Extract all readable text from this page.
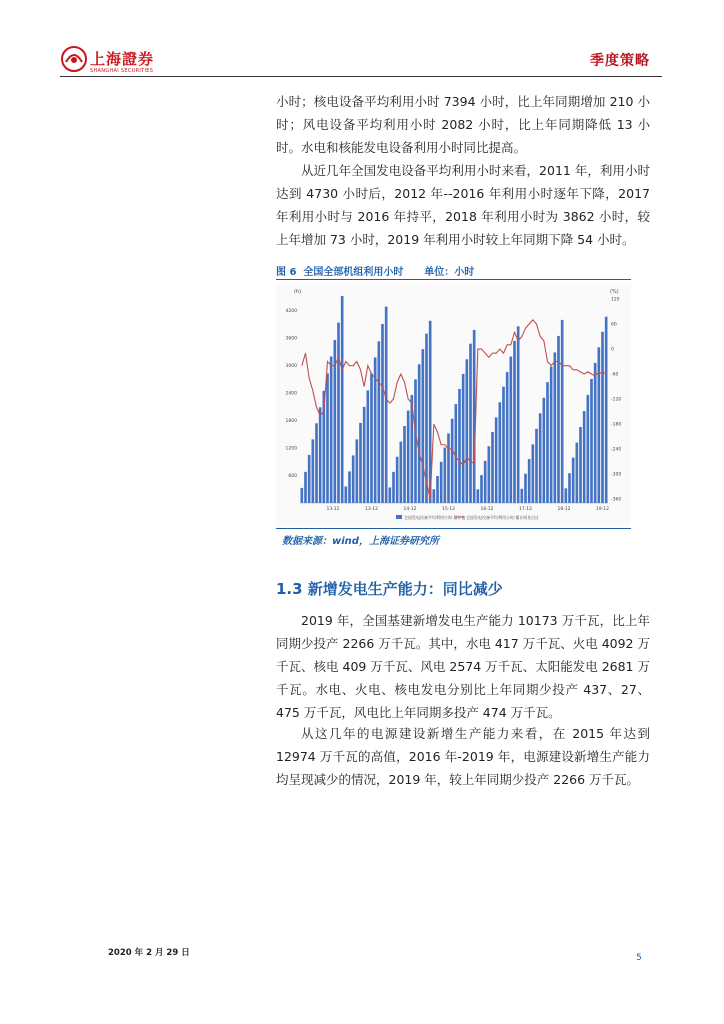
上海證券
SHANGHAI SECURITIES
季度策略

小时；核电设备平均利用小时 7394 小时，比上年同期增加 210 小时；风电设备平均利用小时 2082 小时，比上年同期降低 13 小时。水电和核能发电设备利用小时同比提高。

从近几年全国发电设备平均利用小时来看，2011 年，利用小时达到 4730 小时后，2012 年--2016 年利用小时逐年下降，2017 年利用小时与 2016 年持平，2018 年利用小时为 3862 小时，较上年增加 73 小时，2019 年利用小时较上年同期下降 54 小时。

图 6  全国全部机组利用小时      单位：小时
(h)	(%)
600
1200
1800
2400
3000
3600
4200
120
60
0
-60
-120
-180
-240
-300
-360
13-12	13-12	14-12	15-12	16-12	17-12	18-12	19-12
全国发电设备平均利用小时:累计值 全国发电设备平均利用小时:累计同比(右)
数据来源：wind，上海证券研究所
1.3 新增发电生产能力：同比减少

2019 年，全国基建新增发电生产能力 10173 万千瓦，比上年同期少投产 2266 万千瓦。其中，水电 417 万千瓦、火电 4092 万千瓦、核电 409 万千瓦、风电 2574 万千瓦、太阳能发电 2681 万千瓦。水电、火电、核电发电分别比上年同期少投产 437、27、475 万千瓦，风电比上年同期多投产 474 万千瓦。

从这几年的电源建设新增生产能力来看，在 2015 年达到 12974 万千瓦的高值，2016 年-2019 年，电源建设新增生产能力均呈现减少的情况，2019 年，较上年同期少投产 2266 万千瓦。

2020 年 2 月 29 日	5
